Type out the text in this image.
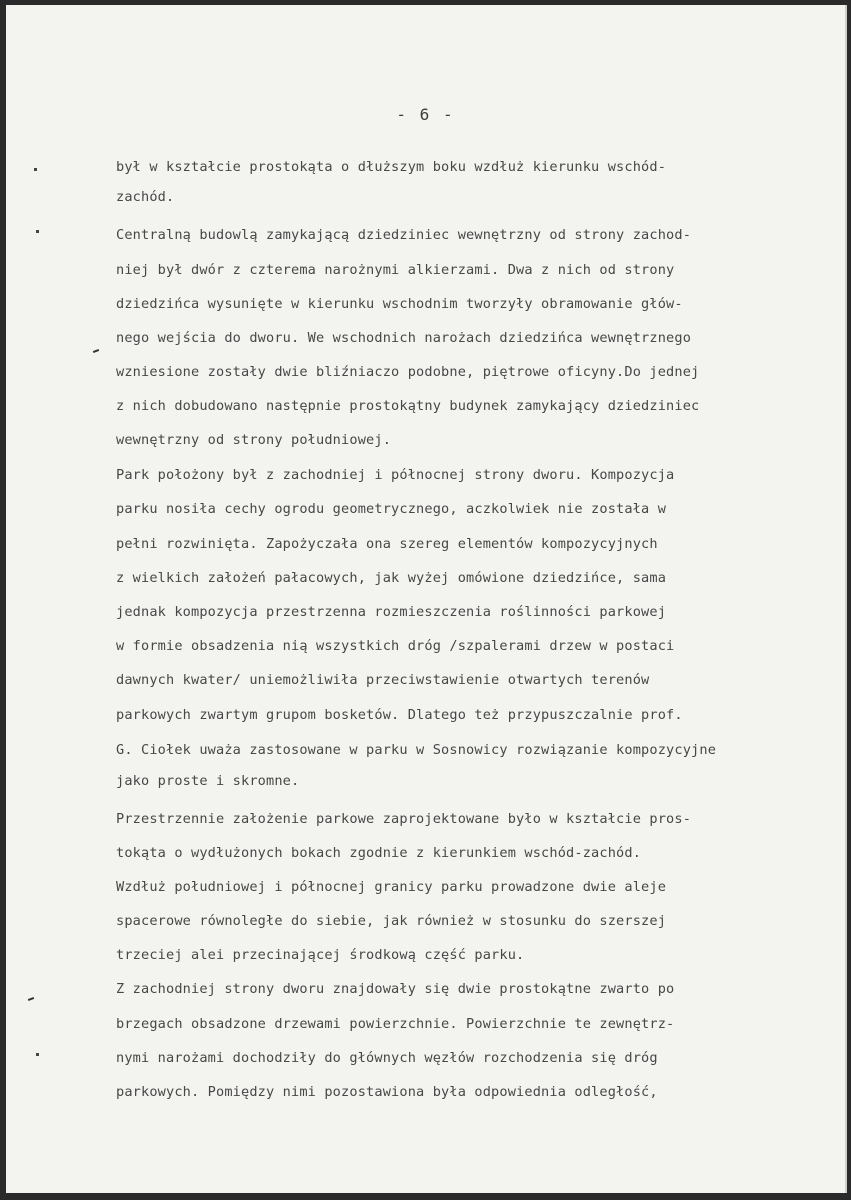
- 6 -
był w kształcie prostokąta o dłuższym boku wzdłuż kierunku wschód-
zachód.
Centralną budowlą zamykającą dziedziniec wewnętrzny od strony zachod-
niej był dwór z czterema narożnymi alkierzami. Dwa z nich od strony
dziedzińca wysunięte w kierunku wschodnim tworzyły obramowanie głów-
nego wejścia do dworu. We wschodnich narożach dziedzińca wewnętrznego
wzniesione zostały dwie bliźniaczo podobne, piętrowe oficyny.Do jednej
z nich dobudowano następnie prostokątny budynek zamykający dziedziniec
wewnętrzny od strony południowej.
Park położony był z zachodniej i północnej strony dworu. Kompozycja
parku nosiła cechy ogrodu geometrycznego, aczkolwiek nie została w
pełni rozwinięta. Zapożyczała ona szereg elementów kompozycyjnych
z wielkich założeń pałacowych, jak wyżej omówione dziedzińce, sama
jednak kompozycja przestrzenna rozmieszczenia roślinności parkowej
w formie obsadzenia nią wszystkich dróg /szpalerami drzew w postaci
dawnych kwater/ uniemożliwiła przeciwstawienie otwartych terenów
parkowych zwartym grupom bosketów. Dlatego też przypuszczalnie prof.
G. Ciołek uważa zastosowane w parku w Sosnowicy rozwiązanie kompozycyjne
jako proste i skromne.
Przestrzennie założenie parkowe zaprojektowane było w kształcie pros-
tokąta o wydłużonych bokach zgodnie z kierunkiem wschód-zachód.
Wzdłuż południowej i północnej granicy parku prowadzone dwie aleje
spacerowe równoległe do siebie, jak również w stosunku do szerszej
trzeciej alei przecinającej środkową część parku.
Z zachodniej strony dworu znajdowały się dwie prostokątne zwarto po
brzegach obsadzone drzewami powierzchnie. Powierzchnie te zewnętrz-
nymi narożami dochodziły do głównych węzłów rozchodzenia się dróg
parkowych. Pomiędzy nimi pozostawiona była odpowiednia odległość,
